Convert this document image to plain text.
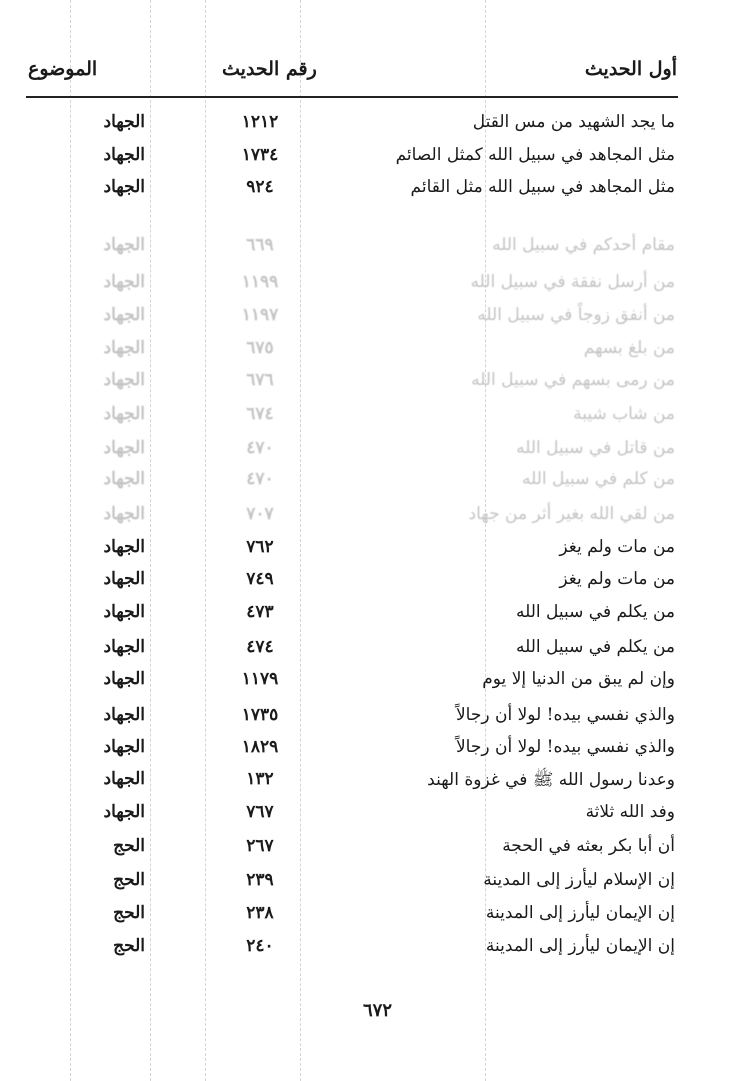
أول الحديث
رقم الحديث
الموضوع
ما يجد الشهيد من مس القتل
١٢١٢
الجهاد
مثل المجاهد في سبيل الله كمثل الصائم
١٧٣٤
الجهاد
مثل المجاهد في سبيل الله مثل القائم
٩٢٤
الجهاد
مقام أحدكم في سبيل الله
٦٦٩
الجهاد
من أرسل نفقة في سبيل الله
١١٩٩
الجهاد
من أنفق زوجاً في سبيل الله
١١٩٧
الجهاد
من بلغ بسهم
٦٧٥
الجهاد
من رمى بسهم في سبيل الله
٦٧٦
الجهاد
من شاب شيبة
٦٧٤
الجهاد
من قاتل في سبيل الله
٤٧٠
الجهاد
من كلم في سبيل الله
٤٧٠
الجهاد
من لقي الله بغير أثر من جهاد
٧٠٧
الجهاد
من مات ولم يغز
٧٦٢
الجهاد
من مات ولم يغز
٧٤٩
الجهاد
من يكلم في سبيل الله
٤٧٣
الجهاد
من يكلم في سبيل الله
٤٧٤
الجهاد
وإن لم يبق من الدنيا إلا يوم
١١٧٩
الجهاد
والذي نفسي بيده! لولا أن رجالاً
١٧٣٥
الجهاد
والذي نفسي بيده! لولا أن رجالاً
١٨٢٩
الجهاد
وعدنا رسول الله ﷺ في غزوة الهند
١٣٢
الجهاد
وفد الله ثلاثة
٧٦٧
الجهاد
أن أبا بكر بعثه في الحجة
٢٦٧
الحج
إن الإسلام ليأرز إلى المدينة
٢٣٩
الحج
إن الإيمان ليأرز إلى المدينة
٢٣٨
الحج
إن الإيمان ليأرز إلى المدينة
٢٤٠
الحج
٦٧٢
